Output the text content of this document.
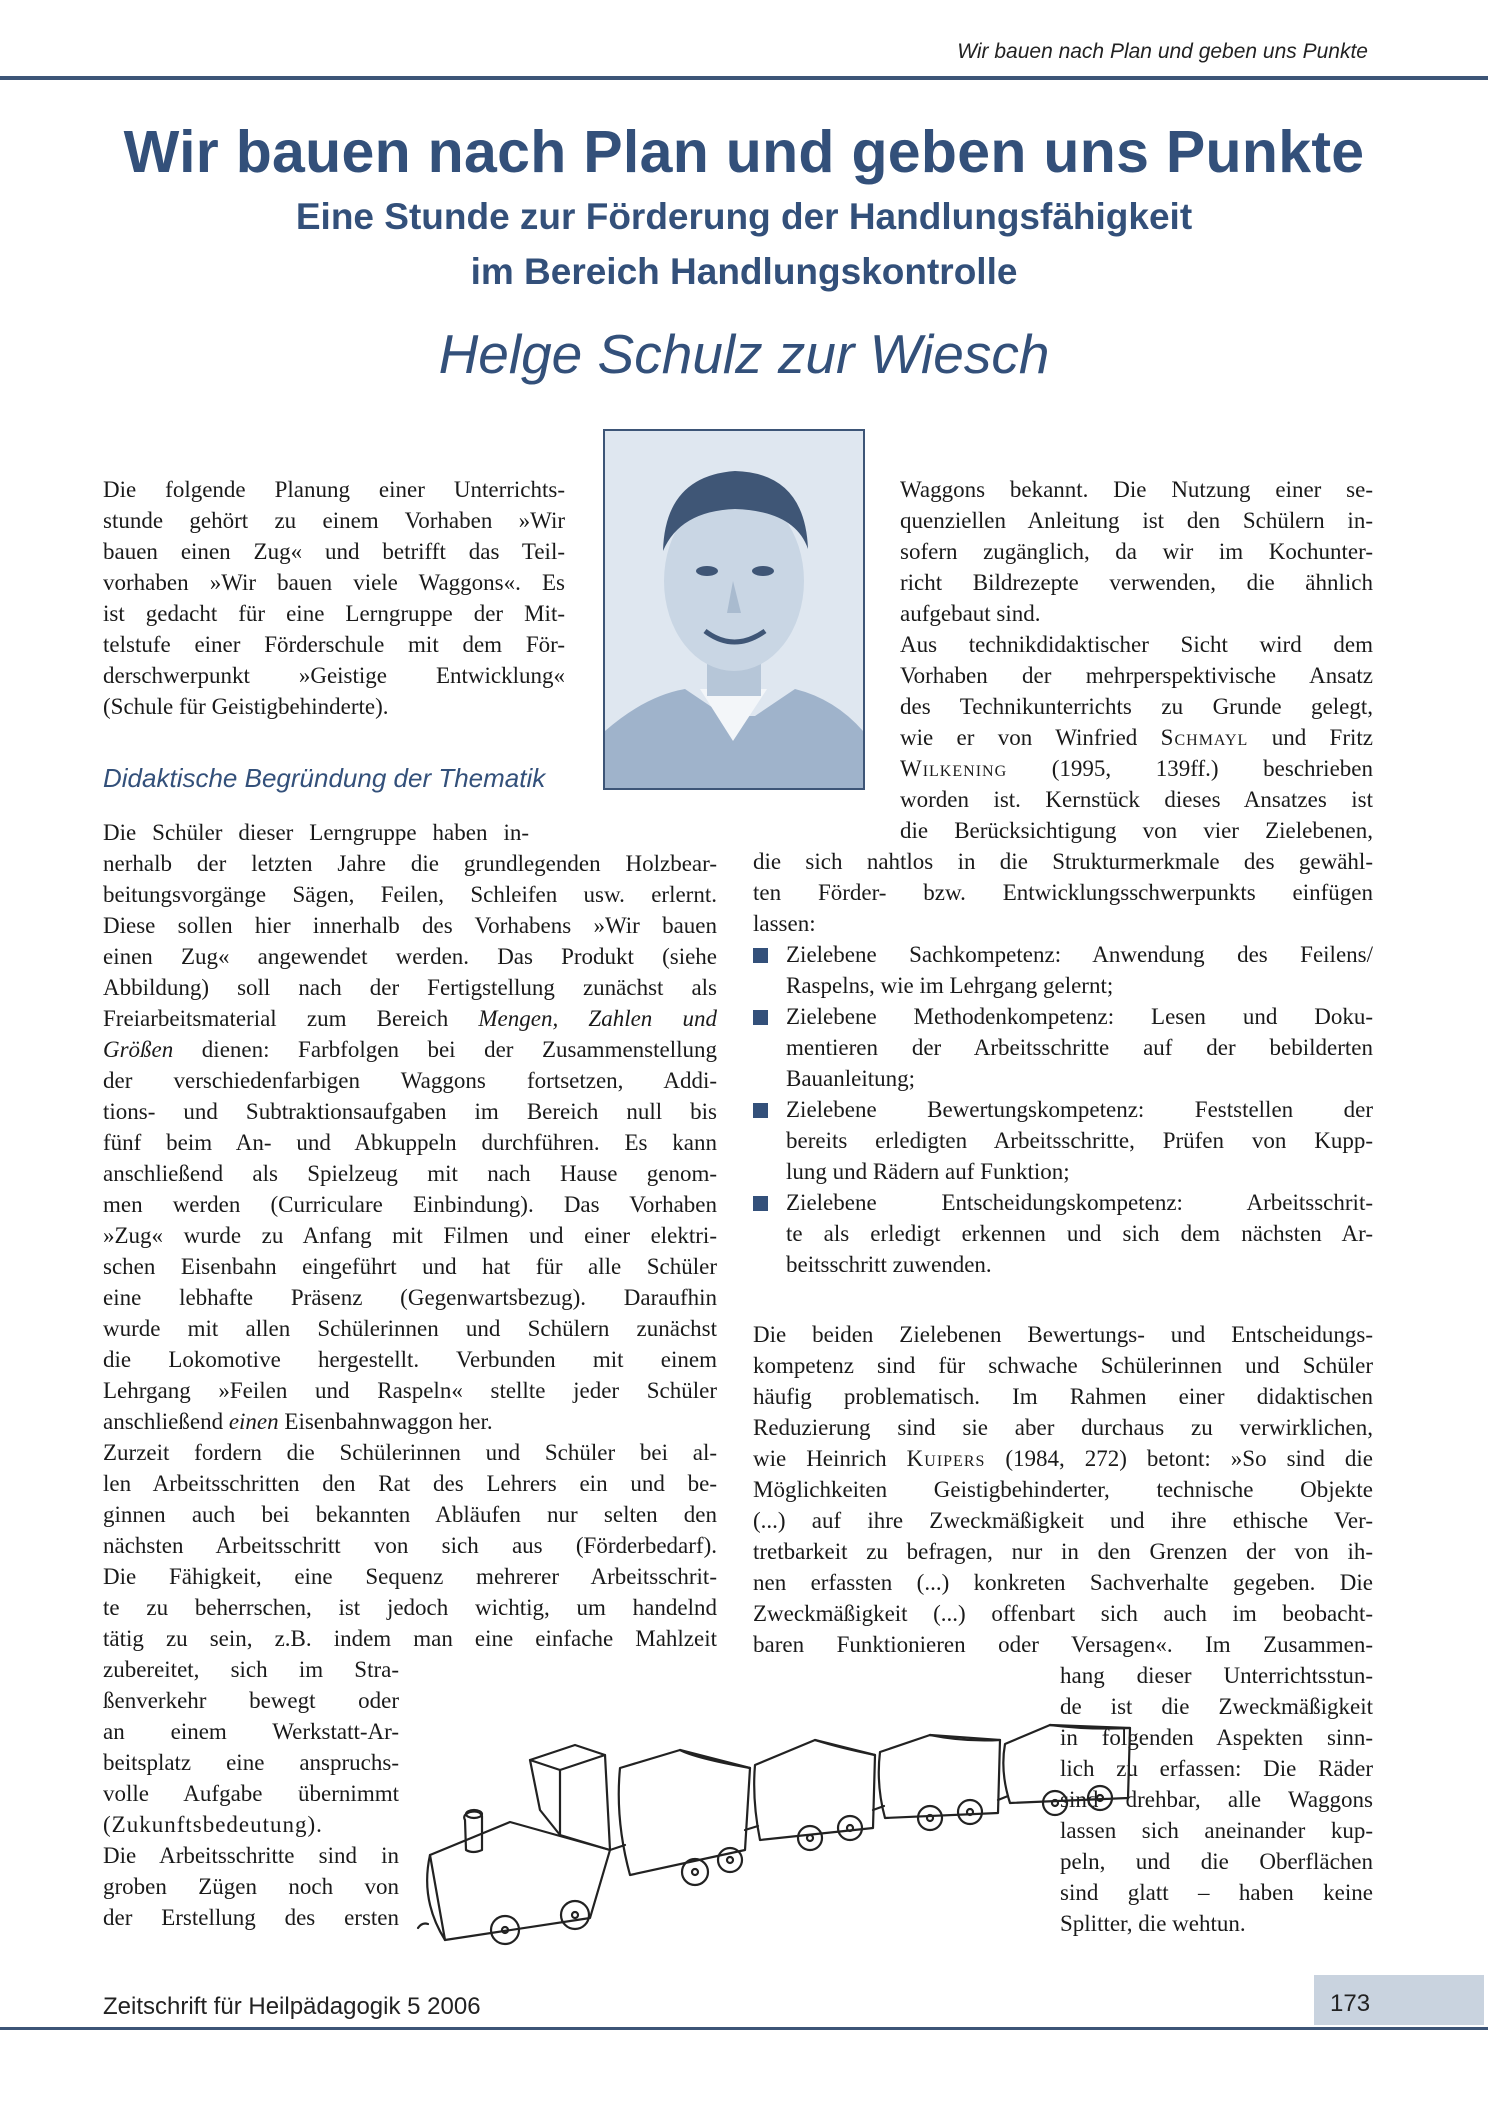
Wir bauen nach Plan und geben uns Punkte
Wir bauen nach Plan und geben uns Punkte
Eine Stunde zur Förderung der Handlungsfähigkeit
im Bereich Handlungskontrolle
Helge Schulz zur Wiesch
Die folgende Planung einer Unterrichts-
stunde gehört zu einem Vorhaben »Wir
bauen einen Zug« und betrifft das Teil-
vorhaben »Wir bauen viele Waggons«. Es
ist gedacht für eine Lerngruppe der Mit-
telstufe einer Förderschule mit dem För-
derschwerpunkt »Geistige Entwicklung«
(Schule für Geistigbehinderte).
Didaktische Begründung der Thematik
Die Schüler dieser Lerngruppe haben in-
nerhalb der letzten Jahre die grundlegenden Holzbear-
beitungsvorgänge Sägen, Feilen, Schleifen usw. erlernt.
Diese sollen hier innerhalb des Vorhabens »Wir bauen
einen Zug« angewendet werden. Das Produkt (siehe
Abbildung) soll nach der Fertigstellung zunächst als
Freiarbeitsmaterial zum Bereich Mengen, Zahlen und
Größen dienen: Farbfolgen bei der Zusammenstellung
der verschiedenfarbigen Waggons fortsetzen, Addi-
tions- und Subtraktionsaufgaben im Bereich null bis
fünf beim An- und Abkuppeln durchführen. Es kann
anschließend als Spielzeug mit nach Hause genom-
men werden (Curriculare Einbindung). Das Vorhaben
»Zug« wurde zu Anfang mit Filmen und einer elektri-
schen Eisenbahn eingeführt und hat für alle Schüler
eine lebhafte Präsenz (Gegenwartsbezug). Daraufhin
wurde mit allen Schülerinnen und Schülern zunächst
die Lokomotive hergestellt. Verbunden mit einem
Lehrgang »Feilen und Raspeln« stellte jeder Schüler
anschließend einen Eisenbahnwaggon her.
Zurzeit fordern die Schülerinnen und Schüler bei al-
len Arbeitsschritten den Rat des Lehrers ein und be-
ginnen auch bei bekannten Abläufen nur selten den
nächsten Arbeitsschritt von sich aus (Förderbedarf).
Die Fähigkeit, eine Sequenz mehrerer Arbeitsschrit-
te zu beherrschen, ist jedoch wichtig, um handelnd
tätig zu sein, z.B. indem man eine einfache Mahlzeit
zubereitet, sich im Stra-
ßenverkehr bewegt oder
an einem Werkstatt-Ar-
beitsplatz eine anspruchs-
volle Aufgabe übernimmt
(Zukunftsbedeutung).
Die Arbeitsschritte sind in
groben Zügen noch von
der Erstellung des ersten
Waggons bekannt. Die Nutzung einer se-
quenziellen Anleitung ist den Schülern in-
sofern zugänglich, da wir im Kochunter-
richt Bildrezepte verwenden, die ähnlich
aufgebaut sind.
Aus technikdidaktischer Sicht wird dem
Vorhaben der mehrperspektivische Ansatz
des Technikunterrichts zu Grunde gelegt,
wie er von Winfried Schmayl und Fritz
Wilkening (1995, 139ff.) beschrieben
worden ist. Kernstück dieses Ansatzes ist
die Berücksichtigung von vier Zielebenen,
die sich nahtlos in die Strukturmerkmale des gewähl-
ten Förder- bzw. Entwicklungsschwerpunkts einfügen
lassen:
Zielebene Sachkompetenz: Anwendung des Feilens/
Raspelns, wie im Lehrgang gelernt;
Zielebene Methodenkompetenz: Lesen und Doku-
mentieren der Arbeitsschritte auf der bebilderten
Bauanleitung;
Zielebene Bewertungskompetenz: Feststellen der
bereits erledigten Arbeitsschritte, Prüfen von Kupp-
lung und Rädern auf Funktion;
Zielebene Entscheidungskompetenz: Arbeitsschrit-
te als erledigt erkennen und sich dem nächsten Ar-
beitsschritt zuwenden.
Die beiden Zielebenen Bewertungs- und Entscheidungs-
kompetenz sind für schwache Schülerinnen und Schüler
häufig problematisch. Im Rahmen einer didaktischen
Reduzierung sind sie aber durchaus zu verwirklichen,
wie Heinrich Kuipers (1984, 272) betont: »So sind die
Möglichkeiten Geistigbehinderter, technische Objekte
(...) auf ihre Zweckmäßigkeit und ihre ethische Ver-
tretbarkeit zu befragen, nur in den Grenzen der von ih-
nen erfassten (...) konkreten Sachverhalte gegeben. Die
Zweckmäßigkeit (...) offenbart sich auch im beobacht-
baren Funktionieren oder Versagen«. Im Zusammen-
hang dieser Unterrichtsstun-
de ist die Zweckmäßigkeit
in folgenden Aspekten sinn-
lich zu erfassen: Die Räder
sind drehbar, alle Waggons
lassen sich aneinander kup-
peln, und die Oberflächen
sind glatt – haben keine
Splitter, die wehtun.
Zeitschrift für Heilpädagogik 5 2006	173
